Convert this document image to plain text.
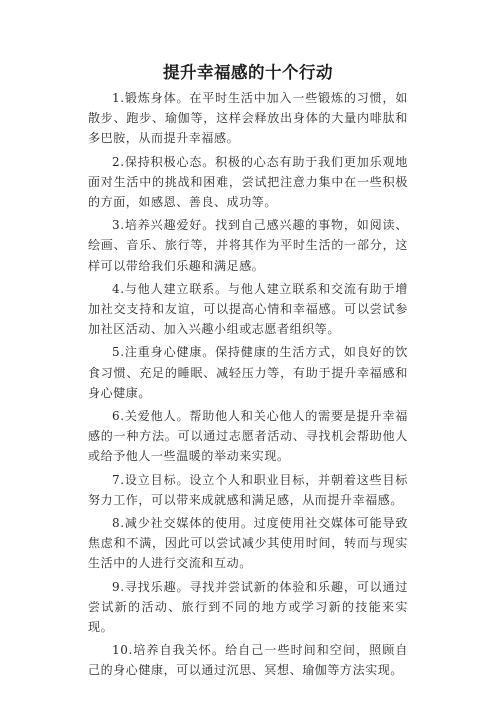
提升幸福感的十个行动

1.锻炼身体。在平时生活中加入一些锻炼的习惯，如散步、跑步、瑜伽等，这样会释放出身体的大量内啡肽和多巴胺，从而提升幸福感。

2.保持积极心态。积极的心态有助于我们更加乐观地面对生活中的挑战和困难，尝试把注意力集中在一些积极的方面，如感恩、善良、成功等。

3.培养兴趣爱好。找到自己感兴趣的事物，如阅读、绘画、音乐、旅行等，并将其作为平时生活的一部分，这样可以带给我们乐趣和满足感。

4.与他人建立联系。与他人建立联系和交流有助于增加社交支持和友谊，可以提高心情和幸福感。可以尝试参加社区活动、加入兴趣小组或志愿者组织等。

5.注重身心健康。保持健康的生活方式，如良好的饮食习惯、充足的睡眠、减轻压力等，有助于提升幸福感和身心健康。

6.关爱他人。帮助他人和关心他人的需要是提升幸福感的一种方法。可以通过志愿者活动、寻找机会帮助他人或给予他人一些温暖的举动来实现。

7.设立目标。设立个人和职业目标，并朝着这些目标努力工作，可以带来成就感和满足感，从而提升幸福感。

8.减少社交媒体的使用。过度使用社交媒体可能导致焦虑和不满，因此可以尝试减少其使用时间，转而与现实生活中的人进行交流和互动。

9.寻找乐趣。寻找并尝试新的体验和乐趣，可以通过尝试新的活动、旅行到不同的地方或学习新的技能来实现。

10.培养自我关怀。给自己一些时间和空间，照顾自己的身心健康，可以通过沉思、冥想、瑜伽等方法实现。
